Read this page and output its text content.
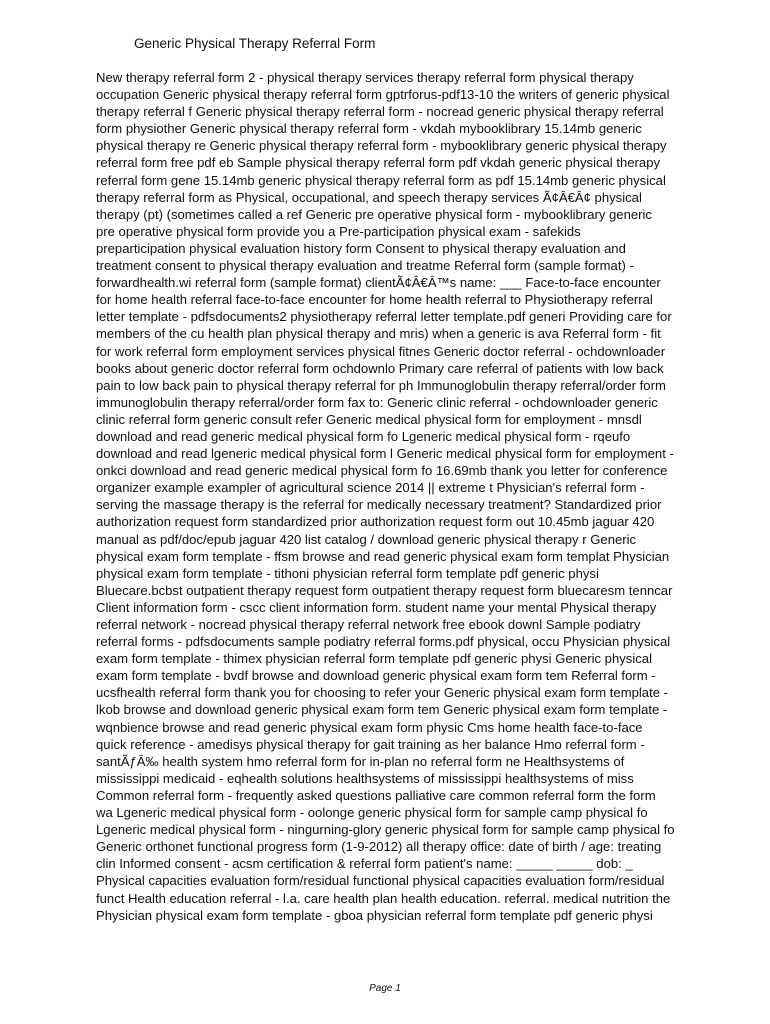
Generic Physical Therapy Referral Form
New therapy referral form 2 - physical therapy services therapy referral form physical therapy
occupation Generic physical therapy referral form gptrforus-pdf13-10 the writers of generic physical
therapy referral f Generic physical therapy referral form - nocread generic physical therapy referral
form physiother Generic physical therapy referral form - vkdah mybooklibrary 15.14mb generic
physical therapy re Generic physical therapy referral form - mybooklibrary generic physical therapy
referral form free pdf eb Sample physical therapy referral form pdf vkdah generic physical therapy
referral form gene 15.14mb generic physical therapy referral form as pdf 15.14mb generic physical
therapy referral form as Physical, occupational, and speech therapy services Ã¢Â€Â¢ physical
therapy (pt) (sometimes called a ref Generic pre operative physical form - mybooklibrary generic
pre operative physical form provide you a Pre-participation physical exam - safekids
preparticipation physical evaluation history form Consent to physical therapy evaluation and
treatment consent to physical therapy evaluation and treatme Referral form (sample format) -
forwardhealth.wi referral form (sample format) clientÃ¢Â€Â™s name: ___ Face-to-face encounter
for home health referral face-to-face encounter for home health referral to Physiotherapy referral
letter template - pdfsdocuments2 physiotherapy referral letter template.pdf generi Providing care for
members of the cu health plan physical therapy and mris) when a generic is ava Referral form - fit
for work referral form employment services physical fitnes Generic doctor referral - ochdownloader
books about generic doctor referral form ochdownlo Primary care referral of patients with low back
pain to low back pain to physical therapy referral for ph Immunoglobulin therapy referral/order form
immunoglobulin therapy referral/order form fax to: Generic clinic referral - ochdownloader generic
clinic referral form generic consult refer Generic medical physical form for employment - mnsdl
download and read generic medical physical form fo Lgeneric medical physical form - rqeufo
download and read lgeneric medical physical form l Generic medical physical form for employment -
onkci download and read generic medical physical form fo 16.69mb thank you letter for conference
organizer example exampler of agricultural science 2014 || extreme t Physician's referral form -
serving the massage therapy is the referral for medically necessary treatment? Standardized prior
authorization request form standardized prior authorization request form out 10.45mb jaguar 420
manual as pdf/doc/epub jaguar 420 list catalog / download generic physical therapy r Generic
physical exam form template - ffsm browse and read generic physical exam form templat Physician
physical exam form template - tithoni physician referral form template pdf generic physi
Bluecare.bcbst outpatient therapy request form outpatient therapy request form bluecaresm tenncar
Client information form - cscc client information form. student name your mental Physical therapy
referral network - nocread physical therapy referral network free ebook downl Sample podiatry
referral forms - pdfsdocuments sample podiatry referral forms.pdf physical, occu Physician physical
exam form template - thimex physician referral form template pdf generic physi Generic physical
exam form template - bvdf browse and download generic physical exam form tem Referral form -
ucsfhealth referral form thank you for choosing to refer your Generic physical exam form template -
lkob browse and download generic physical exam form tem Generic physical exam form template -
wqnbience browse and read generic physical exam form physic Cms home health face-to-face
quick reference - amedisys physical therapy for gait training as her balance Hmo referral form -
santÃƒÂ‰ health system hmo referral form for in-plan no referral form ne Healthsystems of
mississippi medicaid - eqhealth solutions healthsystems of mississippi healthsystems of miss
Common referral form - frequently asked questions palliative care common referral form the form
wa Lgeneric medical physical form - oolonge generic physical form for sample camp physical fo
Lgeneric medical physical form - ningurning-glory generic physical form for sample camp physical fo
Generic orthonet functional progress form (1-9-2012) all therapy office: date of birth / age: treating
clin Informed consent - acsm certification & referral form patient's name: _____ _____ dob: _
Physical capacities evaluation form/residual functional physical capacities evaluation form/residual
funct Health education referral - l.a. care health plan health education. referral. medical nutrition the
Physician physical exam form template - gboa physician referral form template pdf generic physi
Page 1
